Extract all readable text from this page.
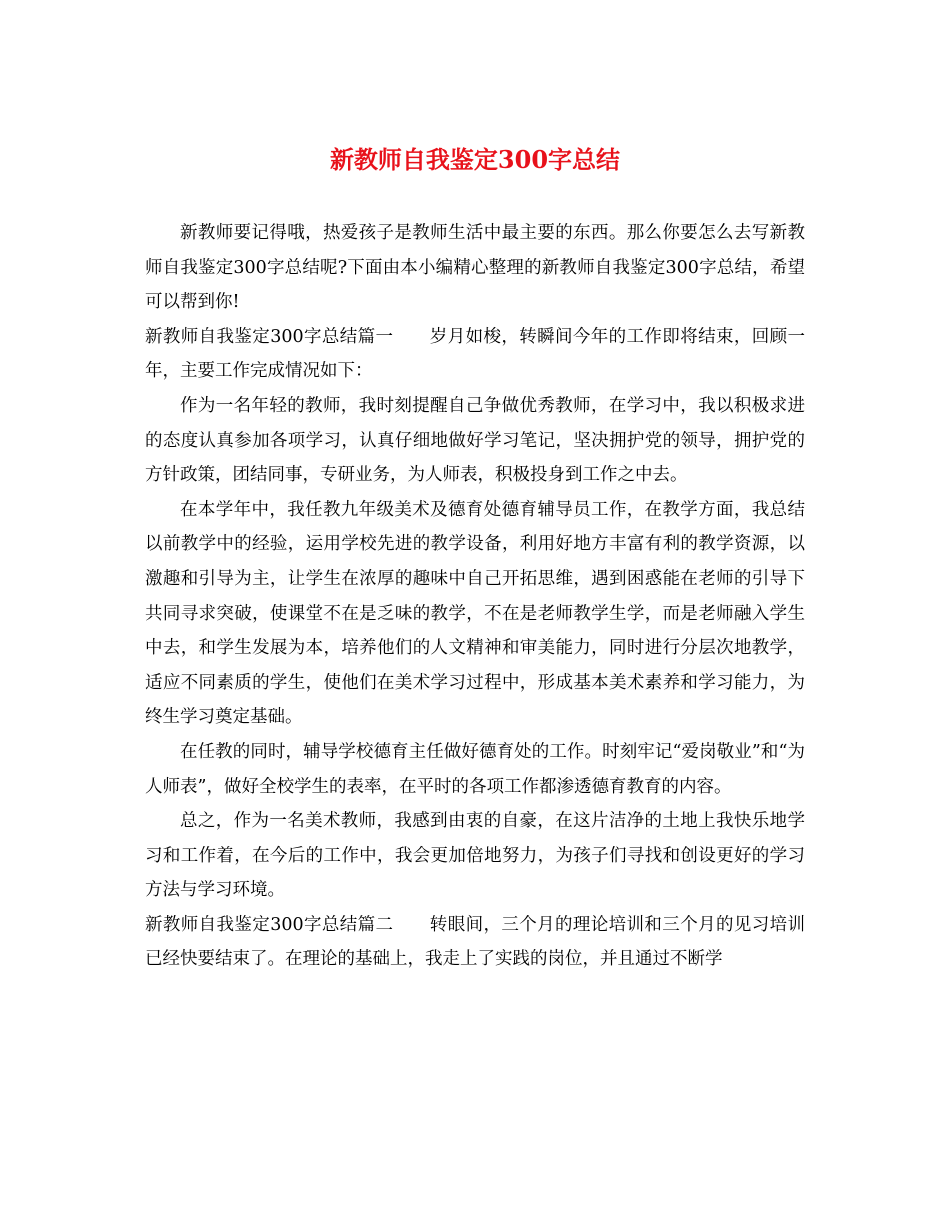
新教师自我鉴定300字总结

新教师要记得哦，热爱孩子是教师生活中最主要的东西。那么你要怎么去写新教师自我鉴定300字总结呢?下面由本小编精心整理的新教师自我鉴定300字总结，希望可以帮到你!

新教师自我鉴定300字总结篇一 岁月如梭，转瞬间今年的工作即将结束，回顾一年，主要工作完成情况如下：

作为一名年轻的教师，我时刻提醒自己争做优秀教师，在学习中，我以积极求进的态度认真参加各项学习，认真仔细地做好学习笔记，坚决拥护党的领导，拥护党的方针政策，团结同事，专研业务，为人师表，积极投身到工作之中去。

在本学年中，我任教九年级美术及德育处德育辅导员工作，在教学方面，我总结以前教学中的经验，运用学校先进的教学设备，利用好地方丰富有利的教学资源，以激趣和引导为主，让学生在浓厚的趣味中自己开拓思维，遇到困惑能在老师的引导下共同寻求突破，使课堂不在是乏味的教学，不在是老师教学生学，而是老师融入学生中去，和学生发展为本，培养他们的人文精神和审美能力，同时进行分层次地教学，适应不同素质的学生，使他们在美术学习过程中，形成基本美术素养和学习能力，为终生学习奠定基础。

在任教的同时，辅导学校德育主任做好德育处的工作。时刻牢记“爱岗敬业”和“为人师表”，做好全校学生的表率，在平时的各项工作都渗透德育教育的内容。

总之，作为一名美术教师，我感到由衷的自豪，在这片洁净的土地上我快乐地学习和工作着，在今后的工作中，我会更加倍地努力，为孩子们寻找和创设更好的学习方法与学习环境。

新教师自我鉴定300字总结篇二 转眼间，三个月的理论培训和三个月的见习培训已经快要结束了。在理论的基础上，我走上了实践的岗位，并且通过不断学
